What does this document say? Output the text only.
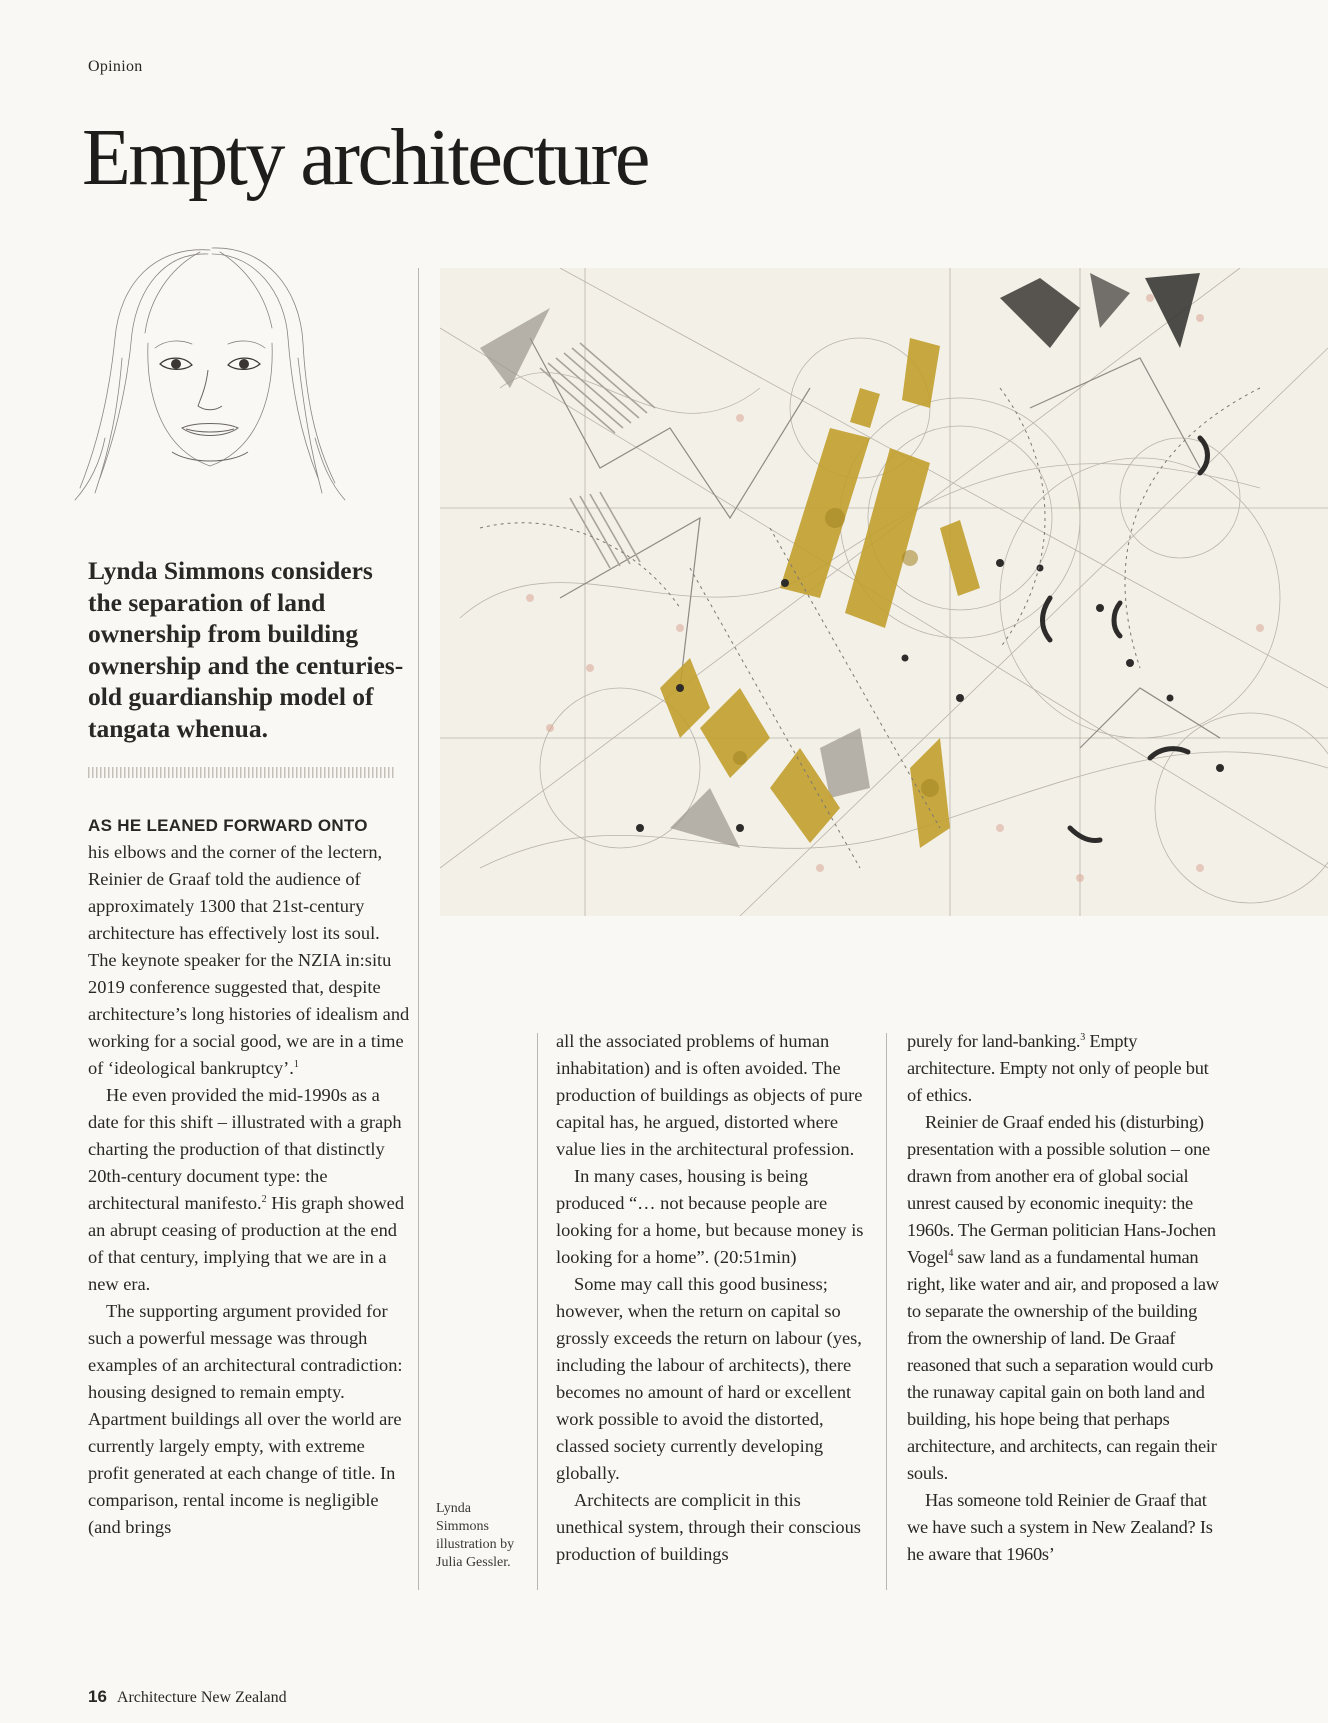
Opinion
Empty architecture
Lynda Simmons considers the separation of land ownership from building ownership and the centuries-old guardianship model of tangata whenua.
AS HE LEANED FORWARD ONTO

his elbows and the corner of the lectern, Reinier de Graaf told the audience of approximately 1300 that 21st-century architecture has effectively lost its soul. The keynote speaker for the NZIA in:situ 2019 conference suggested that, despite architecture’s long histories of idealism and working for a social good, we are in a time of ‘ideological bankruptcy’.$^1$

He even provided the mid-1990s as a date for this shift – illustrated with a graph charting the production of that distinctly 20th-century document type: the architectural manifesto.$^2$ His graph showed an abrupt ceasing of production at the end of that century, implying that we are in a new era.

The supporting argument provided for such a powerful message was through examples of an architectural contradiction: housing designed to remain empty. Apartment buildings all over the world are currently largely empty, with extreme profit generated at each change of title. In comparison, rental income is negligible (and brings

Lynda Simmons illustration by Julia Gessler.

all the associated problems of human inhabitation) and is often avoided. The production of buildings as objects of pure capital has, he argued, distorted where value lies in the architectural profession.

In many cases, housing is being produced “… not because people are looking for a home, but because money is looking for a home”. (20:51min)

Some may call this good business; however, when the return on capital so grossly exceeds the return on labour (yes, including the labour of architects), there becomes no amount of hard or excellent work possible to avoid the distorted, classed society currently developing globally.

Architects are complicit in this unethical system, through their conscious production of buildings

purely for land-banking.$^3$ Empty architecture. Empty not only of people but of ethics.

Reinier de Graaf ended his (disturbing) presentation with a possible solution – one drawn from another era of global social unrest caused by economic inequity: the 1960s. The German politician Hans-Jochen Vogel$^4$ saw land as a fundamental human right, like water and air, and proposed a law to separate the ownership of the building from the ownership of land. De Graaf reasoned that such a separation would curb the runaway capital gain on both land and building, his hope being that perhaps architecture, and architects, can regain their souls.

Has someone told Reinier de Graaf that we have such a system in New Zealand? Is he aware that 1960s’

16 Architecture New Zealand
